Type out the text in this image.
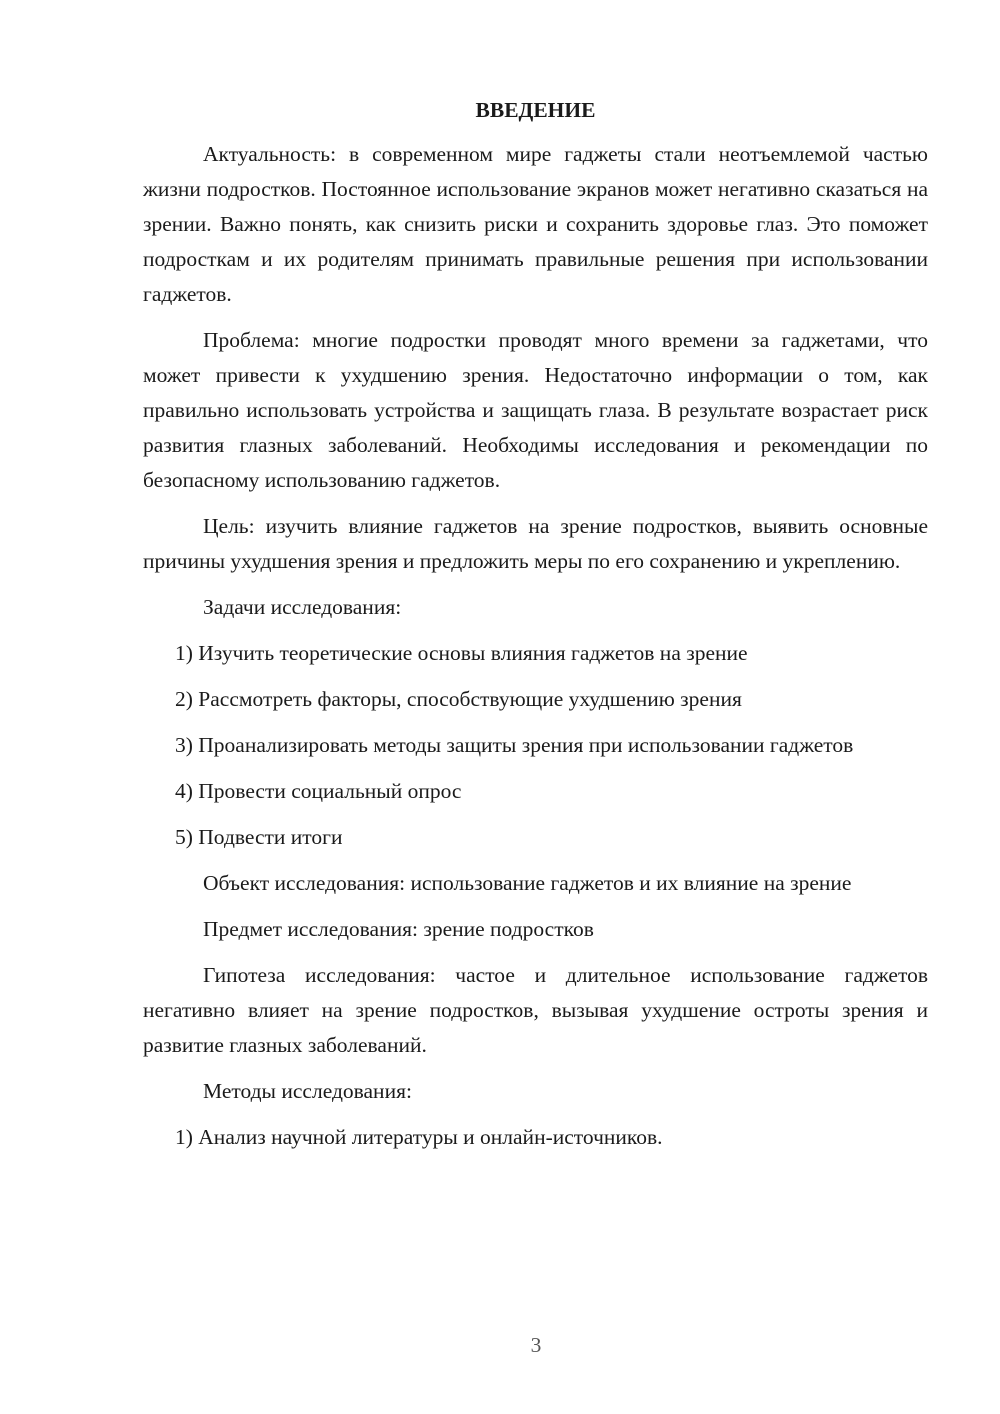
ВВЕДЕНИЕ

Актуальность: в современном мире гаджеты стали неотъемлемой частью жизни подростков. Постоянное использование экранов может негативно сказаться на зрении. Важно понять, как снизить риски и сохранить здоровье глаз. Это поможет подросткам и их родителям принимать правильные решения при использовании гаджетов.

Проблема: многие подростки проводят много времени за гаджетами, что может привести к ухудшению зрения. Недостаточно информации о том, как правильно использовать устройства и защищать глаза. В результате возрастает риск развития глазных заболеваний. Необходимы исследования и рекомендации по безопасному использованию гаджетов.

Цель: изучить влияние гаджетов на зрение подростков, выявить основные причины ухудшения зрения и предложить меры по его сохранению и укреплению.

Задачи исследования:

1) Изучить теоретические основы влияния гаджетов на зрение

2) Рассмотреть факторы, способствующие ухудшению зрения

3) Проанализировать методы защиты зрения при использовании гаджетов

4) Провести социальный опрос

5) Подвести итоги

Объект исследования: использование гаджетов и их влияние на зрение

Предмет исследования: зрение подростков

Гипотеза исследования: частое и длительное использование гаджетов негативно влияет на зрение подростков, вызывая ухудшение остроты зрения и развитие глазных заболеваний.

Методы исследования:

1) Анализ научной литературы и онлайн-источников.

3
